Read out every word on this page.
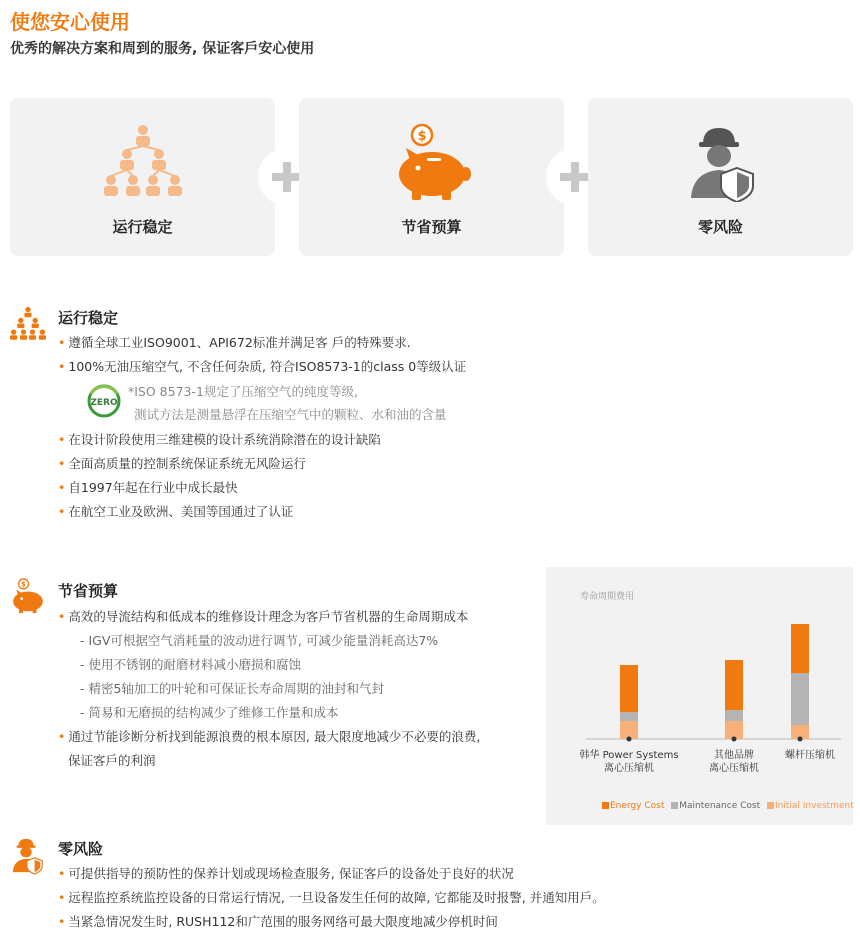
使您安心使用
优秀的解决方案和周到的服务, 保证客戶安心使用
运行稳定
$
节省预算	零风险
运行稳定
• 遵循全球工业ISO9001、API672标准并满足客 戶的特殊要求.
• 100%无油压缩空气, 不含任何杂质, 符合ISO8573-1的class 0等级认证
ZERO
*ISO 8573-1规定了压缩空气的纯度等级,
测试方法是测量悬浮在压缩空气中的颗粒、水和油的含量
• 在设计阶段使用三维建模的设计系统消除潜在的设计缺陷
• 全面高质量的控制系统保证系统无风险运行
• 自1997年起在行业中成长最快
• 在航空工业及欧洲、美国等国通过了认证
$ 节省预算
• 高效的导流结构和低成本的维修设计理念为客戶节省机器的生命周期成本
- IGV可根据空气消耗量的波动进行调节, 可减少能量消耗高达7%
- 使用不锈钢的耐磨材料减小磨损和腐蚀
- 精密5轴加工的叶轮和可保证长寿命周期的油封和气封
- 简易和无磨损的结构减少了维修工作量和成本
• 通过节能诊断分析找到能源浪费的根本原因, 最大限度地减少不必要的浪费,
保证客戶的利润
寿命周期费用
韩华 Power Systems
离心压缩机
其他品牌
离心压缩机
螺杆压缩机
Energy Cost Maintenance Cost Initial Investment
零风险
• 可提供指导的预防性的保养计划或现场检查服务, 保证客戶的设备处于良好的状况
• 远程监控系统监控设备的日常运行情况, 一旦设备发生任何的故障, 它都能及时报警, 并通知用戶。
• 当紧急情况发生时, RUSH112和广范围的服务网络可最大限度地减少停机时间
